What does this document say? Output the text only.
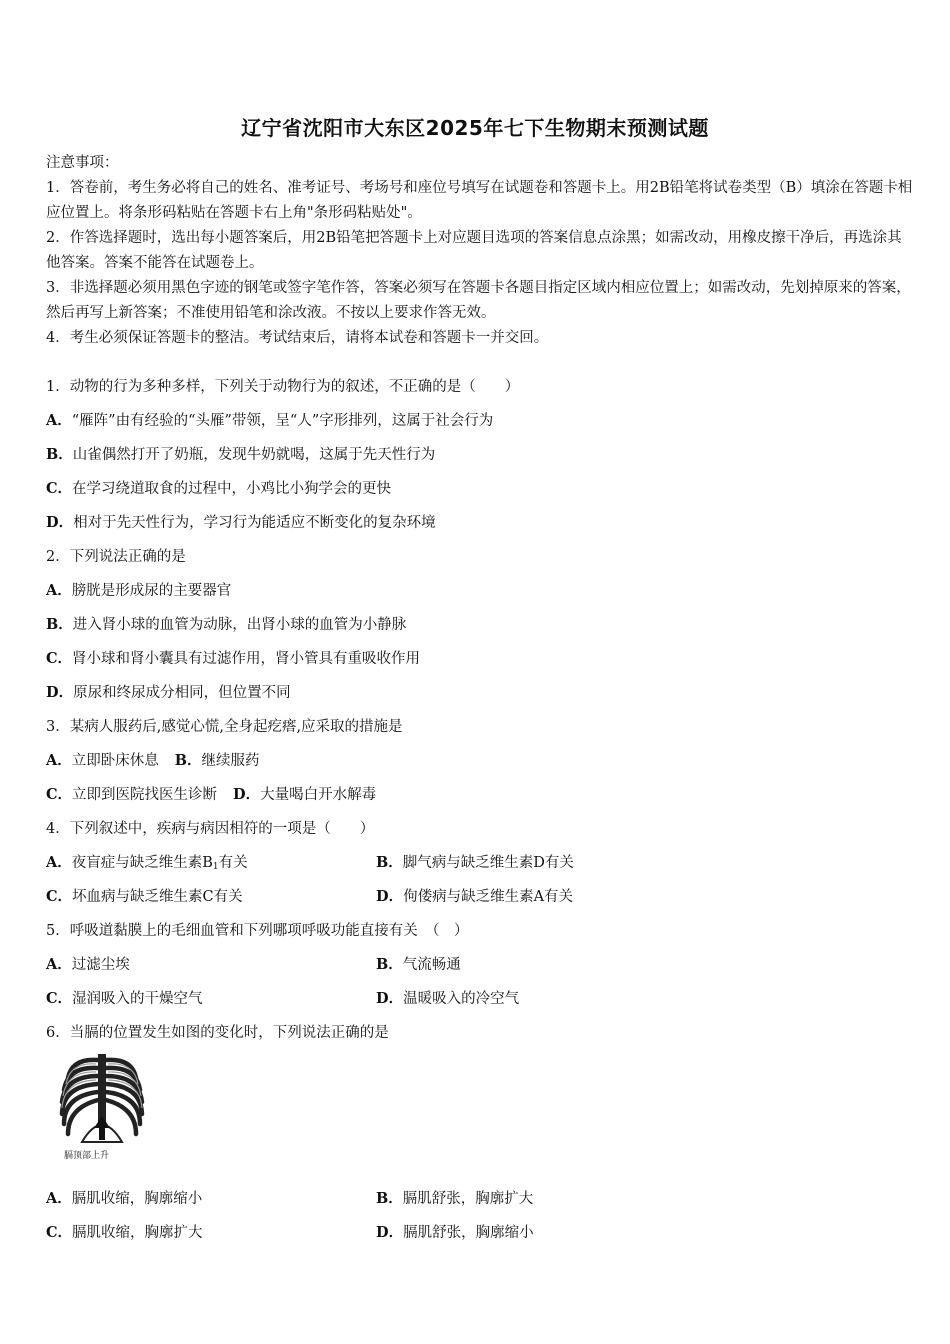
辽宁省沈阳市大东区2025年七下生物期末预测试题

注意事项：

1．答卷前，考生务必将自己的姓名、准考证号、考场号和座位号填写在试题卷和答题卡上。用2B铅笔将试卷类型（B）填涂在答题卡相应位置上。将条形码粘贴在答题卡右上角"条形码粘贴处"。

2．作答选择题时，选出每小题答案后，用2B铅笔把答题卡上对应题目选项的答案信息点涂黑；如需改动，用橡皮擦干净后，再选涂其他答案。答案不能答在试题卷上。

3．非选择题必须用黑色字迹的钢笔或签字笔作答，答案必须写在答题卡各题目指定区域内相应位置上；如需改动，先划掉原来的答案，然后再写上新答案；不准使用铅笔和涂改液。不按以上要求作答无效。

4．考生必须保证答题卡的整洁。考试结束后，请将本试卷和答题卡一并交回。

1．动物的行为多种多样，下列关于动物行为的叙述，不正确的是（　　）
A．“雁阵”由有经验的“头雁”带领，呈“人”字形排列，这属于社会行为
B．山雀偶然打开了奶瓶，发现牛奶就喝，这属于先天性行为
C．在学习绕道取食的过程中，小鸡比小狗学会的更快
D．相对于先天性行为，学习行为能适应不断变化的复杂环境
2．下列说法正确的是
A．膀胱是形成尿的主要器官
B．进入肾小球的血管为动脉，出肾小球的血管为小静脉
C．肾小球和肾小囊具有过滤作用，肾小管具有重吸收作用
D．原尿和终尿成分相同，但位置不同
3．某病人服药后,感觉心慌,全身起疙瘩,应采取的措施是
A．立即卧床休息 B．继续服药
C．立即到医院找医生诊断 D．大量喝白开水解毒
4．下列叙述中，疾病与病因相符的一项是（　　）
A．夜盲症与缺乏维生素$B_1$有关	B．脚气病与缺乏维生素D有关
C．坏血病与缺乏维生素C有关	D．佝偻病与缺乏维生素A有关
5．呼吸道黏膜上的毛细血管和下列哪项呼吸功能直接有关　（　）
A．过滤尘埃	B．气流畅通
C．湿润吸入的干燥空气	D．温暖吸入的冷空气
6．当膈的位置发生如图的变化时，下列说法正确的是
膈顶部上升
A．膈肌收缩，胸廓缩小	B．膈肌舒张，胸廓扩大
C．膈肌收缩，胸廓扩大	D．膈肌舒张，胸廓缩小
